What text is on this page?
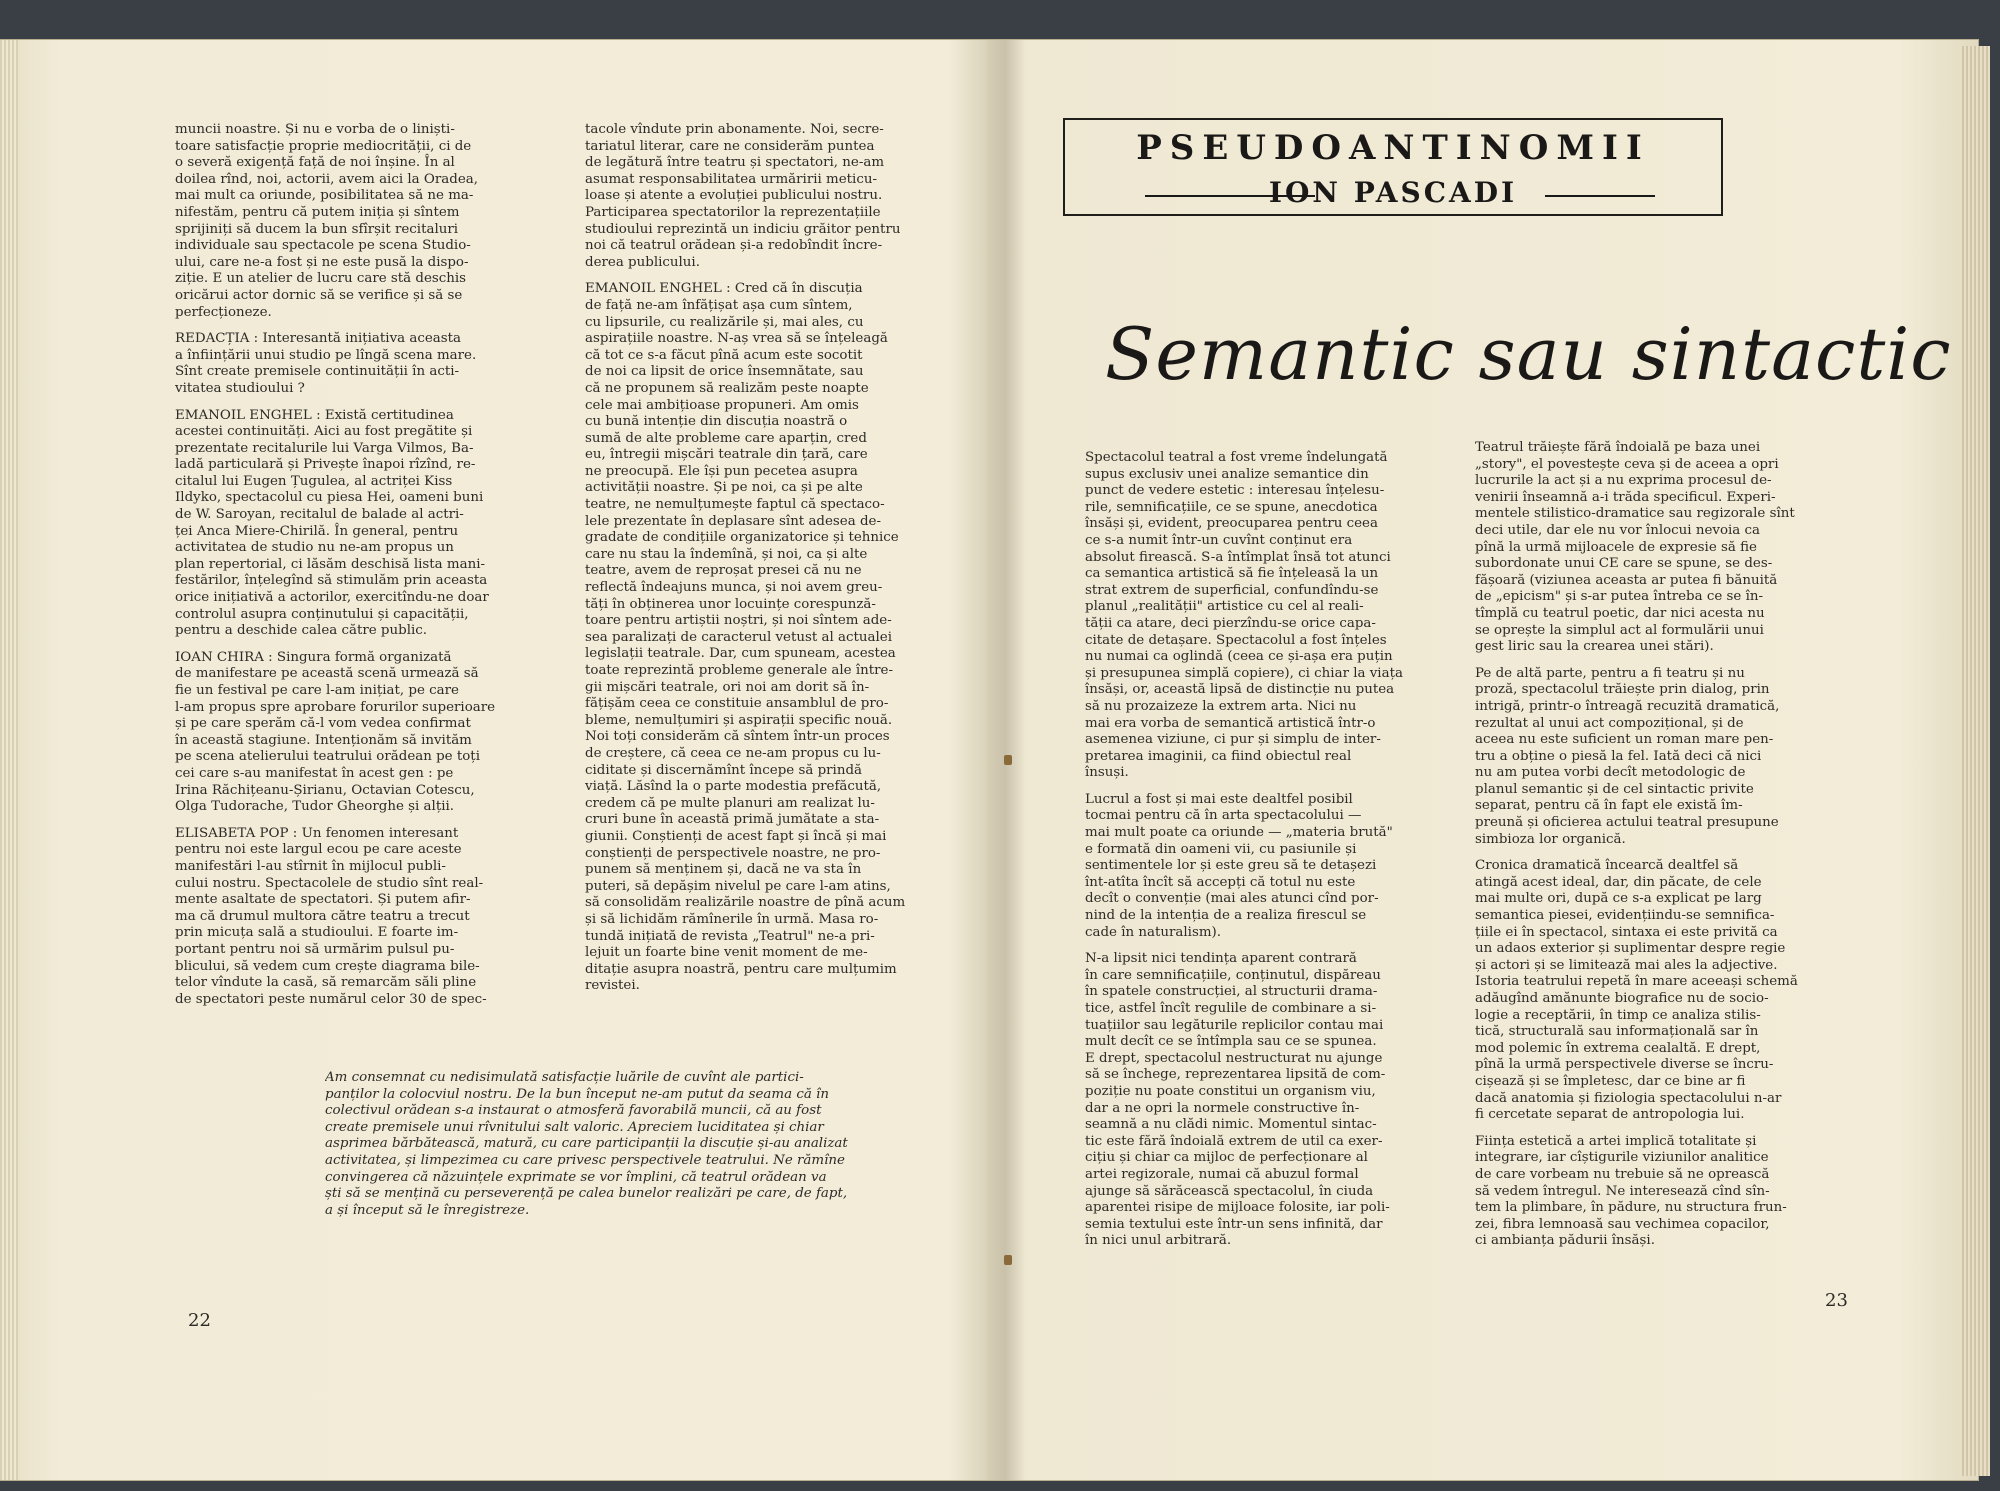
muncii noastre. Și nu e vorba de o liniști-
toare satisfacție proprie mediocrității, ci de
o severă exigență față de noi înșine. În al
doilea rînd, noi, actorii, avem aici la Oradea,
mai mult ca oriunde, posibilitatea să ne ma-
nifestăm, pentru că putem iniția și sîntem
sprijiniți să ducem la bun sfîrșit recitaluri
individuale sau spectacole pe scena Studio-
ului, care ne-a fost și ne este pusă la dispo-
ziție. E un atelier de lucru care stă deschis
oricărui actor dornic să se verifice și să se
perfecționeze.

REDACȚIA : Interesantă inițiativa aceasta
a înființării unui studio pe lîngă scena mare.
Sînt create premisele continuității în acti-
vitatea studioului ?

EMANOIL ENGHEL : Există certitudinea
acestei continuități. Aici au fost pregătite și
prezentate recitalurile lui Varga Vilmos, Ba-
ladă particulară și Privește înapoi rîzînd, re-
citalul lui Eugen Țugulea, al actriței Kiss
Ildyko, spectacolul cu piesa Hei, oameni buni
de W. Saroyan, recitalul de balade al actri-
ței Anca Miere-Chirilă. În general, pentru
activitatea de studio nu ne-am propus un
plan repertorial, ci lăsăm deschisă lista mani-
festărilor, înțelegînd să stimulăm prin aceasta
orice inițiativă a actorilor, exercitîndu-ne doar
controlul asupra conținutului și capacității,
pentru a deschide calea către public.

IOAN CHIRA : Singura formă organizată
de manifestare pe această scenă urmează să
fie un festival pe care l-am inițiat, pe care
l-am propus spre aprobare forurilor superioare
și pe care sperăm că-l vom vedea confirmat
în această stagiune. Intenționăm să invităm
pe scena atelierului teatrului orădean pe toți
cei care s-au manifestat în acest gen : pe
Irina Răchițeanu-Șirianu, Octavian Cotescu,
Olga Tudorache, Tudor Gheorghe și alții.

ELISABETA POP : Un fenomen interesant
pentru noi este largul ecou pe care aceste
manifestări l-au stîrnit în mijlocul publi-
cului nostru. Spectacolele de studio sînt real-
mente asaltate de spectatori. Și putem afir-
ma că drumul multora către teatru a trecut
prin micuța sală a studioului. E foarte im-
portant pentru noi să urmărim pulsul pu-
blicului, să vedem cum crește diagrama bile-
telor vîndute la casă, să remarcăm săli pline
de spectatori peste numărul celor 30 de spec-

tacole vîndute prin abonamente. Noi, secre-
tariatul literar, care ne considerăm puntea
de legătură între teatru și spectatori, ne-am
asumat responsabilitatea urmăririi meticu-
loase și atente a evoluției publicului nostru.
Participarea spectatorilor la reprezentațiile
studioului reprezintă un indiciu grăitor pentru
noi că teatrul orădean și-a redobîndit încre-
derea publicului.

EMANOIL ENGHEL : Cred că în discuția
de față ne-am înfățișat așa cum sîntem,
cu lipsurile, cu realizările și, mai ales, cu
aspirațiile noastre. N-aș vrea să se înțeleagă
că tot ce s-a făcut pînă acum este socotit
de noi ca lipsit de orice însemnătate, sau
că ne propunem să realizăm peste noapte
cele mai ambițioase propuneri. Am omis
cu bună intenție din discuția noastră o
sumă de alte probleme care aparțin, cred
eu, întregii mișcări teatrale din țară, care
ne preocupă. Ele își pun pecetea asupra
activității noastre. Și pe noi, ca și pe alte
teatre, ne nemulțumește faptul că spectaco-
lele prezentate în deplasare sînt adesea de-
gradate de condițiile organizatorice și tehnice
care nu stau la îndemînă, și noi, ca și alte
teatre, avem de reproșat presei că nu ne
reflectă îndeajuns munca, și noi avem greu-
tăți în obținerea unor locuințe corespunză-
toare pentru artiștii noștri, și noi sîntem ade-
sea paralizați de caracterul vetust al actualei
legislații teatrale. Dar, cum spuneam, acestea
toate reprezintă probleme generale ale între-
gii mișcări teatrale, ori noi am dorit să în-
fățișăm ceea ce constituie ansamblul de pro-
bleme, nemulțumiri și aspirații specific nouă.
Noi toți considerăm că sîntem într-un proces
de creștere, că ceea ce ne-am propus cu lu-
ciditate și discernămînt începe să prindă
viață. Lăsînd la o parte modestia prefăcută,
credem că pe multe planuri am realizat lu-
cruri bune în această primă jumătate a sta-
giunii. Conștienți de acest fapt și încă și mai
conștienți de perspectivele noastre, ne pro-
punem să menținem și, dacă ne va sta în
puteri, să depășim nivelul pe care l-am atins,
să consolidăm realizările noastre de pînă acum
și să lichidăm rămînerile în urmă. Masa ro-
tundă inițiată de revista „Teatrul" ne-a pri-
lejuit un foarte bine venit moment de me-
ditație asupra noastră, pentru care mulțumim
revistei.

Am consemnat cu nedisimulată satisfacție luările de cuvînt ale partici-
panților la colocviul nostru. De la bun început ne-am putut da seama că în
colectivul orădean s-a instaurat o atmosferă favorabilă muncii, că au fost
create premisele unui rîvnitului salt valoric. Apreciem luciditatea și chiar
asprimea bărbătească, matură, cu care participanții la discuție și-au analizat
activitatea, și limpezimea cu care privesc perspectivele teatrului. Ne rămîne
convingerea că năzuințele exprimate se vor împlini, că teatrul orădean va
ști să se mențină cu perseverență pe calea bunelor realizări pe care, de fapt,
a și început să le înregistreze.
22
PSEUDOANTINOMII
ION PASCADI
Semantic sau sintactic

Spectacolul teatral a fost vreme îndelungată
supus exclusiv unei analize semantice din
punct de vedere estetic : interesau înțelesu-
rile, semnificațiile, ce se spune, anecdotica
însăși și, evident, preocuparea pentru ceea
ce s-a numit într-un cuvînt conținut era
absolut firească. S-a întîmplat însă tot atunci
ca semantica artistică să fie înțeleasă la un
strat extrem de superficial, confundîndu-se
planul „realității" artistice cu cel al reali-
tății ca atare, deci pierzîndu-se orice capa-
citate de detașare. Spectacolul a fost înțeles
nu numai ca oglindă (ceea ce și-așa era puțin
și presupunea simplă copiere), ci chiar la viața
însăși, or, această lipsă de distincție nu putea
să nu prozaizeze la extrem arta. Nici nu
mai era vorba de semantică artistică într-o
asemenea viziune, ci pur și simplu de inter-
pretarea imaginii, ca fiind obiectul real
însuși.

Lucrul a fost și mai este dealtfel posibil
tocmai pentru că în arta spectacolului —
mai mult poate ca oriunde — „materia brută"
e formată din oameni vii, cu pasiunile și
sentimentele lor și este greu să te detașezi
înt-atîta încît să accepți că totul nu este
decît o convenție (mai ales atunci cînd por-
nind de la intenția de a realiza firescul se
cade în naturalism).

N-a lipsit nici tendința aparent contrară
în care semnificațiile, conținutul, dispăreau
în spatele construcției, al structurii drama-
tice, astfel încît regulile de combinare a si-
tuațiilor sau legăturile replicilor contau mai
mult decît ce se întîmpla sau ce se spunea.
E drept, spectacolul nestructurat nu ajunge
să se închege, reprezentarea lipsită de com-
poziție nu poate constitui un organism viu,
dar a ne opri la normele constructive în-
seamnă a nu clădi nimic. Momentul sintac-
tic este fără îndoială extrem de util ca exer-
cițiu și chiar ca mijloc de perfecționare al
artei regizorale, numai că abuzul formal
ajunge să sărăcească spectacolul, în ciuda
aparentei risipe de mijloace folosite, iar poli-
semia textului este într-un sens infinită, dar
în nici unul arbitrară.

Teatrul trăiește fără îndoială pe baza unei
„story", el povestește ceva și de aceea a opri
lucrurile la act și a nu exprima procesul de-
venirii înseamnă a-i trăda specificul. Experi-
mentele stilistico-dramatice sau regizorale sînt
deci utile, dar ele nu vor înlocui nevoia ca
pînă la urmă mijloacele de expresie să fie
subordonate unui CE care se spune, se des-
fășoară (viziunea aceasta ar putea fi bănuită
de „epicism" și s-ar putea întreba ce se în-
tîmplă cu teatrul poetic, dar nici acesta nu
se oprește la simplul act al formulării unui
gest liric sau la crearea unei stări).

Pe de altă parte, pentru a fi teatru și nu
proză, spectacolul trăiește prin dialog, prin
intrigă, printr-o întreagă recuzită dramatică,
rezultat al unui act compozițional, și de
aceea nu este suficient un roman mare pen-
tru a obține o piesă la fel. Iată deci că nici
nu am putea vorbi decît metodologic de
planul semantic și de cel sintactic privite
separat, pentru că în fapt ele există îm-
preună și oficierea actului teatral presupune
simbioza lor organică.

Cronica dramatică încearcă dealtfel să
atingă acest ideal, dar, din păcate, de cele
mai multe ori, după ce s-a explicat pe larg
semantica piesei, evidențiindu-se semnifica-
țiile ei în spectacol, sintaxa ei este privită ca
un adaos exterior și suplimentar despre regie
și actori și se limitează mai ales la adjective.
Istoria teatrului repetă în mare aceeași schemă
adăugînd amănunte biografice nu de socio-
logie a receptării, în timp ce analiza stilis-
tică, structurală sau informațională sar în
mod polemic în extrema cealaltă. E drept,
pînă la urmă perspectivele diverse se încru-
cișează și se împletesc, dar ce bine ar fi
dacă anatomia și fiziologia spectacolului n-ar
fi cercetate separat de antropologia lui.

Ființa estetică a artei implică totalitate și
integrare, iar cîștigurile viziunilor analitice
de care vorbeam nu trebuie să ne oprească
să vedem întregul. Ne interesează cînd sîn-
tem la plimbare, în pădure, nu structura frun-
zei, fibra lemnoasă sau vechimea copacilor,
ci ambianța pădurii însăși.

23
